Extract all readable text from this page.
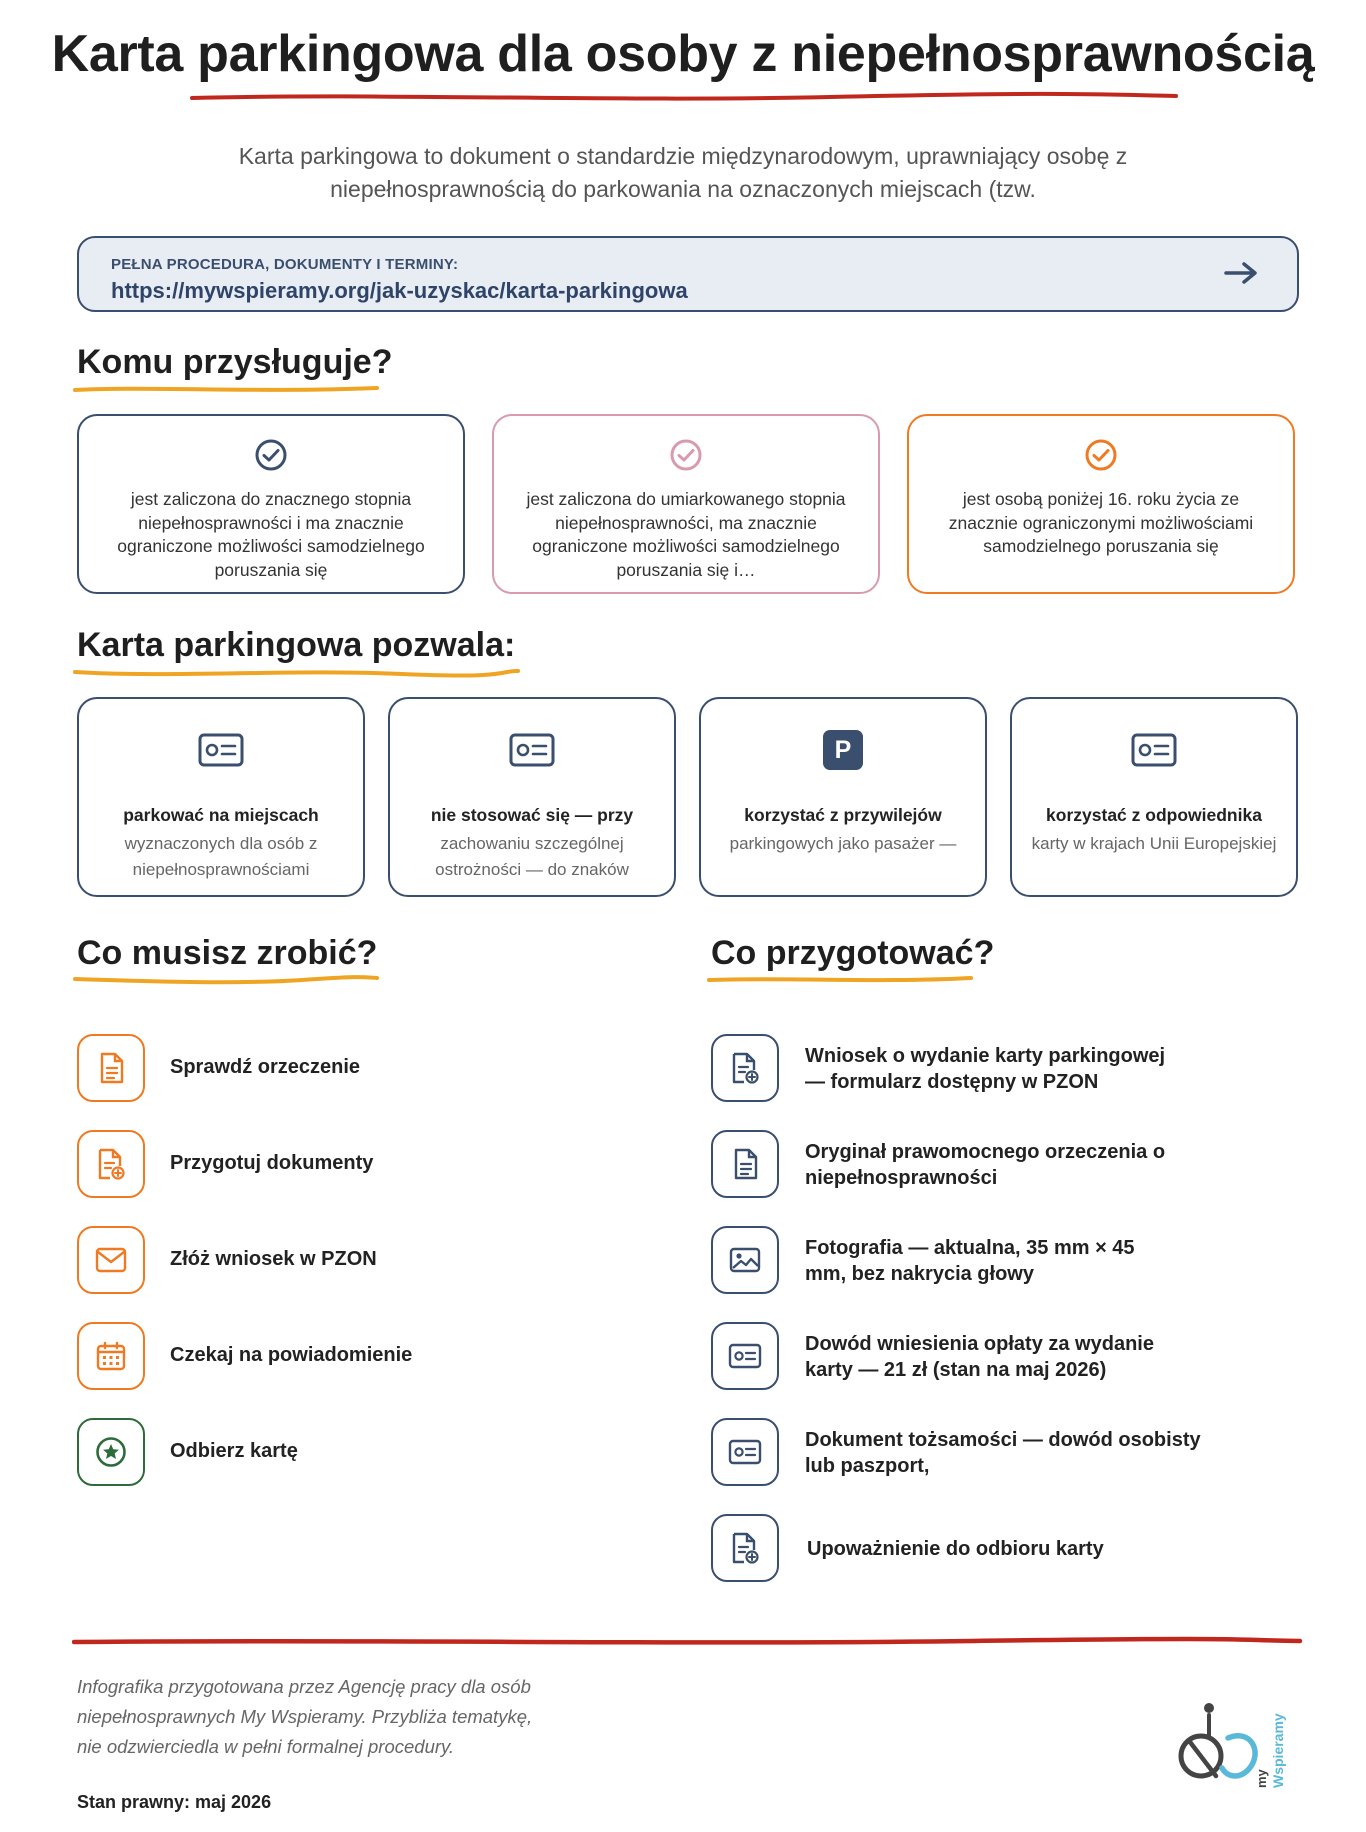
Karta parkingowa dla osoby z niepełnosprawnością
Karta parkingowa to dokument o standardzie międzynarodowym, uprawniający osobę z
niepełnosprawnością do parkowania na oznaczonych miejscach (tzw.
PEŁNA PROCEDURA, DOKUMENTY I TERMINY:
https://mywspieramy.org/jak-uzyskac/karta-parkingowa
Komu przysługuje?
jest zaliczona do znacznego stopnia niepełnosprawności i ma znacznie ograniczone możliwości samodzielnego poruszania się
jest zaliczona do umiarkowanego stopnia niepełnosprawności, ma znacznie ograniczone możliwości samodzielnego poruszania się i…
jest osobą poniżej 16. roku życia ze znacznie ograniczonymi możliwościami samodzielnego poruszania się
Karta parkingowa pozwala:
parkować na miejscach
wyznaczonych dla osób z niepełnosprawnościami
nie stosować się — przy
zachowaniu szczególnej ostrożności — do znaków
P
korzystać z przywilejów
parkingowych jako pasażer —
korzystać z odpowiednika
karty w krajach Unii Europejskiej
Co musisz zrobić?
Sprawdź orzeczenie
Przygotuj dokumenty
Złóż wniosek w PZON
Czekaj na powiadomienie
Odbierz kartę
Co przygotować?
Wniosek o wydanie karty parkingowej
— formularz dostępny w PZON
Oryginał prawomocnego orzeczenia o
niepełnosprawności
Fotografia — aktualna, 35 mm × 45
mm, bez nakrycia głowy
Dowód wniesienia opłaty za wydanie
karty — 21 zł (stan na maj 2026)
Dokument tożsamości — dowód osobisty
lub paszport,
Upoważnienie do odbioru karty
Infografika przygotowana przez Agencję pracy dla osób
niepełnosprawnych My Wspieramy. Przybliża tematykę,
nie odzwierciedla w pełni formalnej procedury.
Stan prawny: maj 2026
my Wspieramy
